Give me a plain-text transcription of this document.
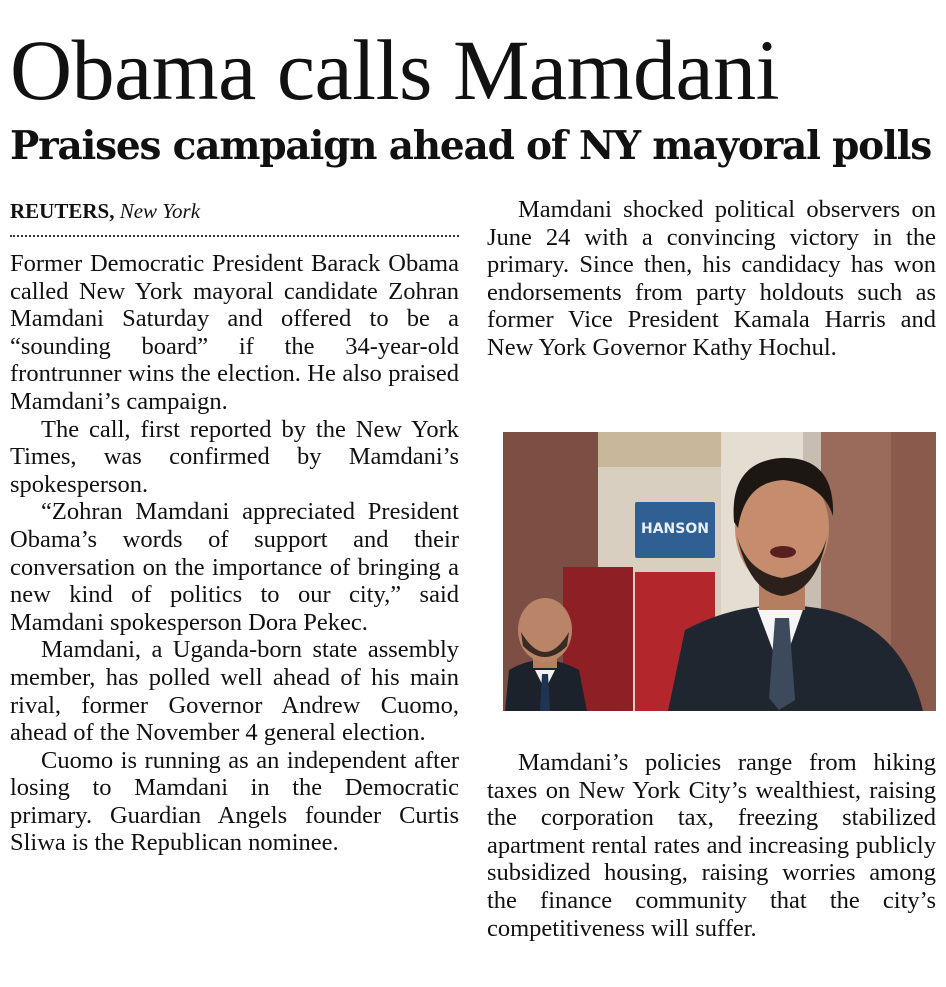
Obama calls Mamdani
Praises campaign ahead of NY mayoral polls
REUTERS, New York

Former Democratic President Barack Obama called New York mayoral candidate Zohran Mamdani Saturday and offered to be a “sounding board” if the 34-year-old frontrunner wins the election. He also praised Mamdani’s campaign.

The call, first reported by the New York Times, was confirmed by Mamdani’s spokesperson.

“Zohran Mamdani appreciated President Obama’s words of support and their conversation on the importance of bringing a new kind of politics to our city,” said Mamdani spokesperson Dora Pekec.

Mamdani, a Uganda-born state assembly member, has polled well ahead of his main rival, former Governor Andrew Cuomo, ahead of the November 4 general election.

Cuomo is running as an independent after losing to Mamdani in the Democratic primary. Guardian Angels founder Curtis Sliwa is the Republican nominee.

Mamdani shocked political observers on June 24 with a convincing victory in the primary. Since then, his candidacy has won endorsements from party holdouts such as former Vice President Kamala Harris and New York Governor Kathy Hochul.

HANSON

Mamdani’s policies range from hiking taxes on New York City’s wealthiest, raising the corporation tax, freezing stabilized apartment rental rates and increasing publicly subsidized housing, raising worries among the finance community that the city’s competitiveness will suffer.
